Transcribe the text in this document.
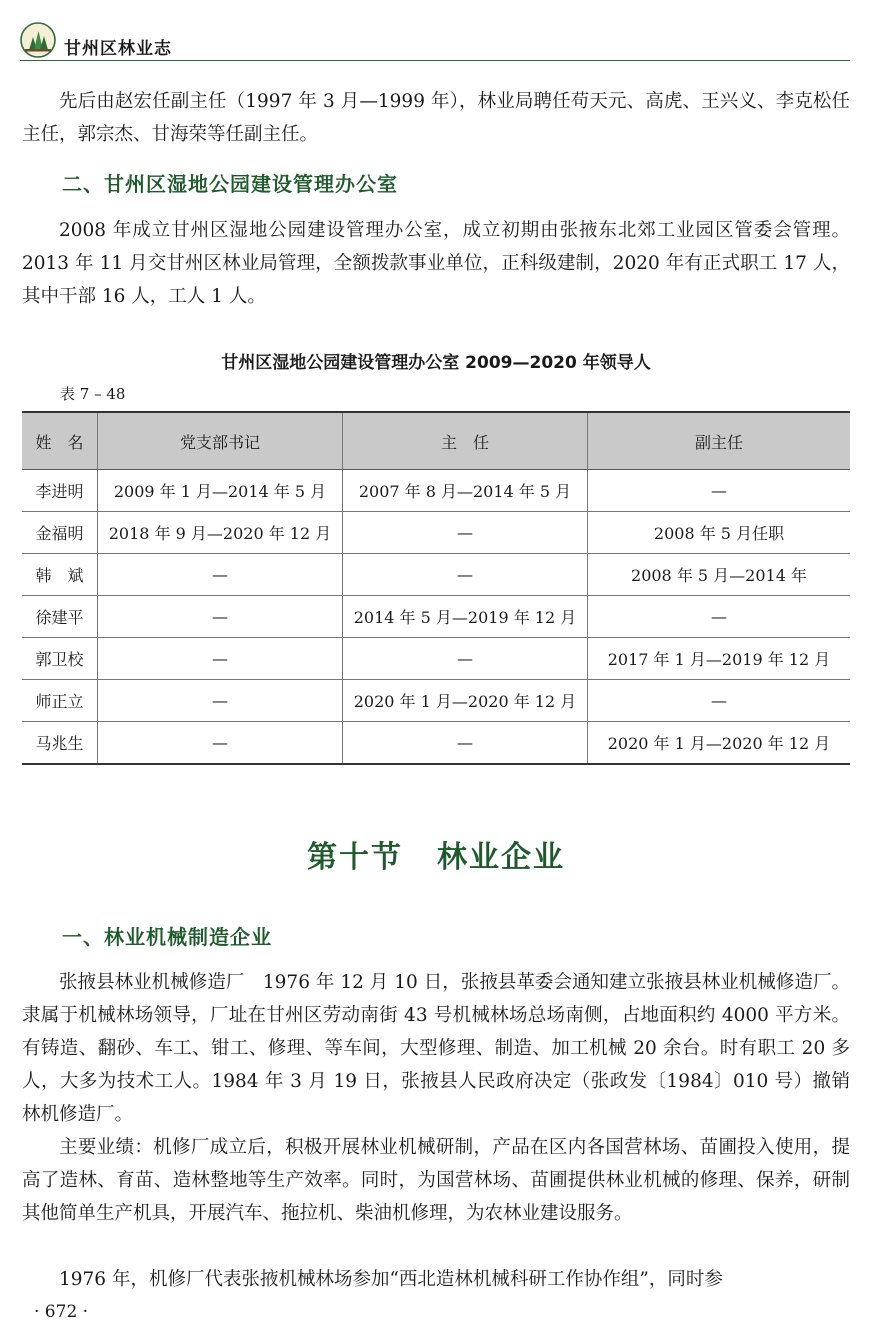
甘州区林业志

先后由赵宏任副主任（1997 年 3 月—1999 年），林业局聘任苟天元、高虎、王兴义、李克松任主任，郭宗杰、甘海荣等任副主任。

二、甘州区湿地公园建设管理办公室

2008 年成立甘州区湿地公园建设管理办公室，成立初期由张掖东北郊工业园区管委会管理。2013 年 11 月交甘州区林业局管理，全额拨款事业单位，正科级建制，2020 年有正式职工 17 人，其中干部 16 人，工人 1 人。

甘州区湿地公园建设管理办公室 2009—2020 年领导人

表 7 – 48

姓　名	党支部书记	主　任	副主任
李进明	2009 年 1 月—2014 年 5 月	2007 年 8 月—2014 年 5 月	—
金福明	2018 年 9 月—2020 年 12 月	—	2008 年 5 月任职
韩　斌	—	—	2008 年 5 月—2014 年
徐建平	—	2014 年 5 月—2019 年 12 月	—
郭卫校	—	—	2017 年 1 月—2019 年 12 月
师正立	—	2020 年 1 月—2020 年 12 月	—
马兆生	—	—	2020 年 1 月—2020 年 12 月
第十节 林业企业
一、林业机械制造企业

张掖县林业机械修造厂　1976 年 12 月 10 日，张掖县革委会通知建立张掖县林业机械修造厂。隶属于机械林场领导，厂址在甘州区劳动南街 43 号机械林场总场南侧，占地面积约 4000 平方米。有铸造、翻砂、车工、钳工、修理、等车间，大型修理、制造、加工机械 20 余台。时有职工 20 多人，大多为技术工人。1984 年 3 月 19 日，张掖县人民政府决定（张政发〔1984〕010 号）撤销林机修造厂。

主要业绩：机修厂成立后，积极开展林业机械研制，产品在区内各国营林场、苗圃投入使用，提高了造林、育苗、造林整地等生产效率。同时，为国营林场、苗圃提供林业机械的修理、保养，研制其他简单生产机具，开展汽车、拖拉机、柴油机修理，为农林业建设服务。

1976 年，机修厂代表张掖机械林场参加“西北造林机械科研工作协作组”，同时参

· 672 ·
